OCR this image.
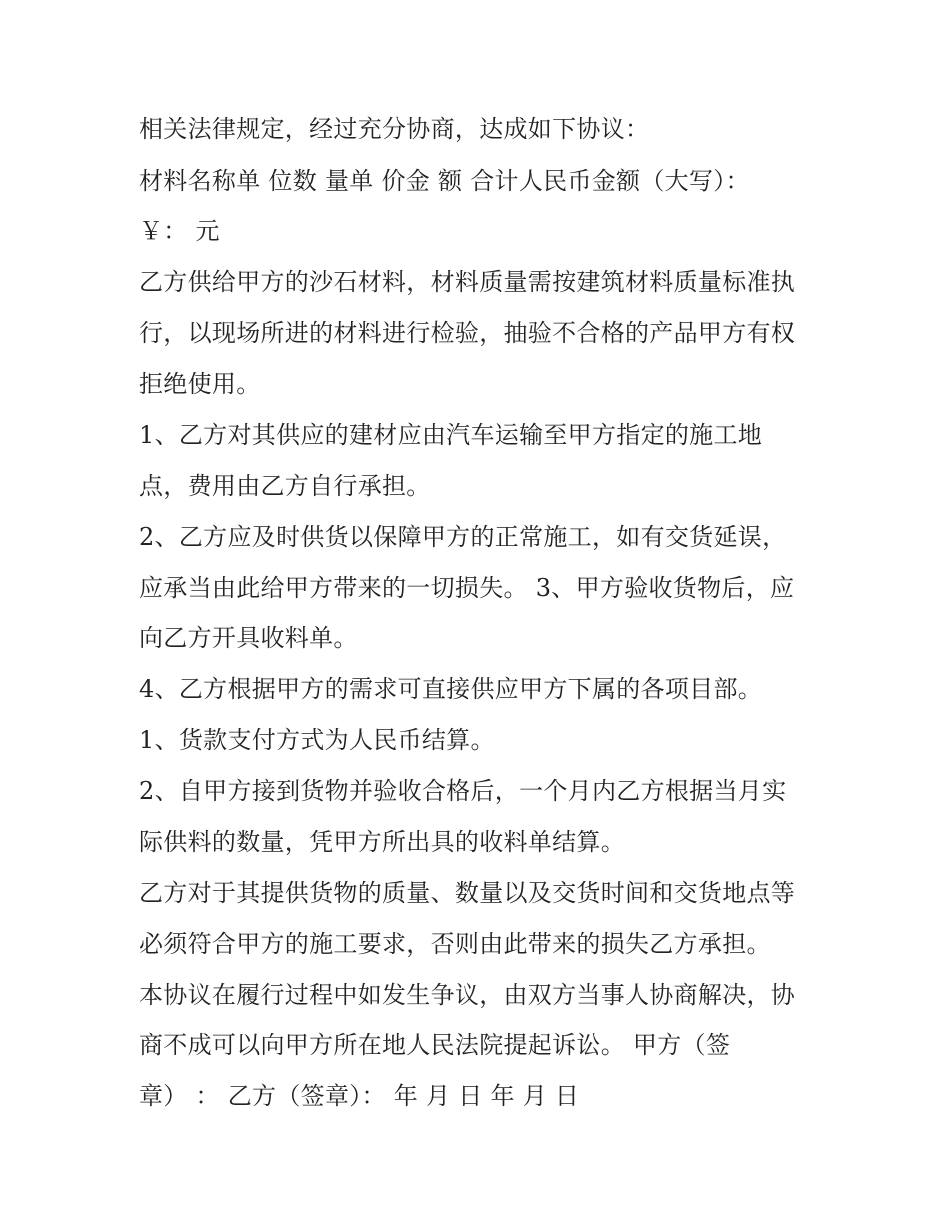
相关法律规定，经过充分协商，达成如下协议：
材料名称单 位数 量单 价金 额 合计人民币金额（大写）：
￥： 元
乙方供给甲方的沙石材料，材料质量需按建筑材料质量标准执
行，以现场所进的材料进行检验，抽验不合格的产品甲方有权
拒绝使用。
1、乙方对其供应的建材应由汽车运输至甲方指定的施工地
点，费用由乙方自行承担。
2、乙方应及时供货以保障甲方的正常施工，如有交货延误，
应承当由此给甲方带来的一切损失。 3、甲方验收货物后，应
向乙方开具收料单。
4、乙方根据甲方的需求可直接供应甲方下属的各项目部。
1、货款支付方式为人民币结算。
2、自甲方接到货物并验收合格后，一个月内乙方根据当月实
际供料的数量，凭甲方所出具的收料单结算。
乙方对于其提供货物的质量、数量以及交货时间和交货地点等
必须符合甲方的施工要求，否则由此带来的损失乙方承担。
本协议在履行过程中如发生争议，由双方当事人协商解决，协
商不成可以向甲方所在地人民法院提起诉讼。 甲方（签
章） ： 乙方（签章）： 年 月 日 年 月 日
